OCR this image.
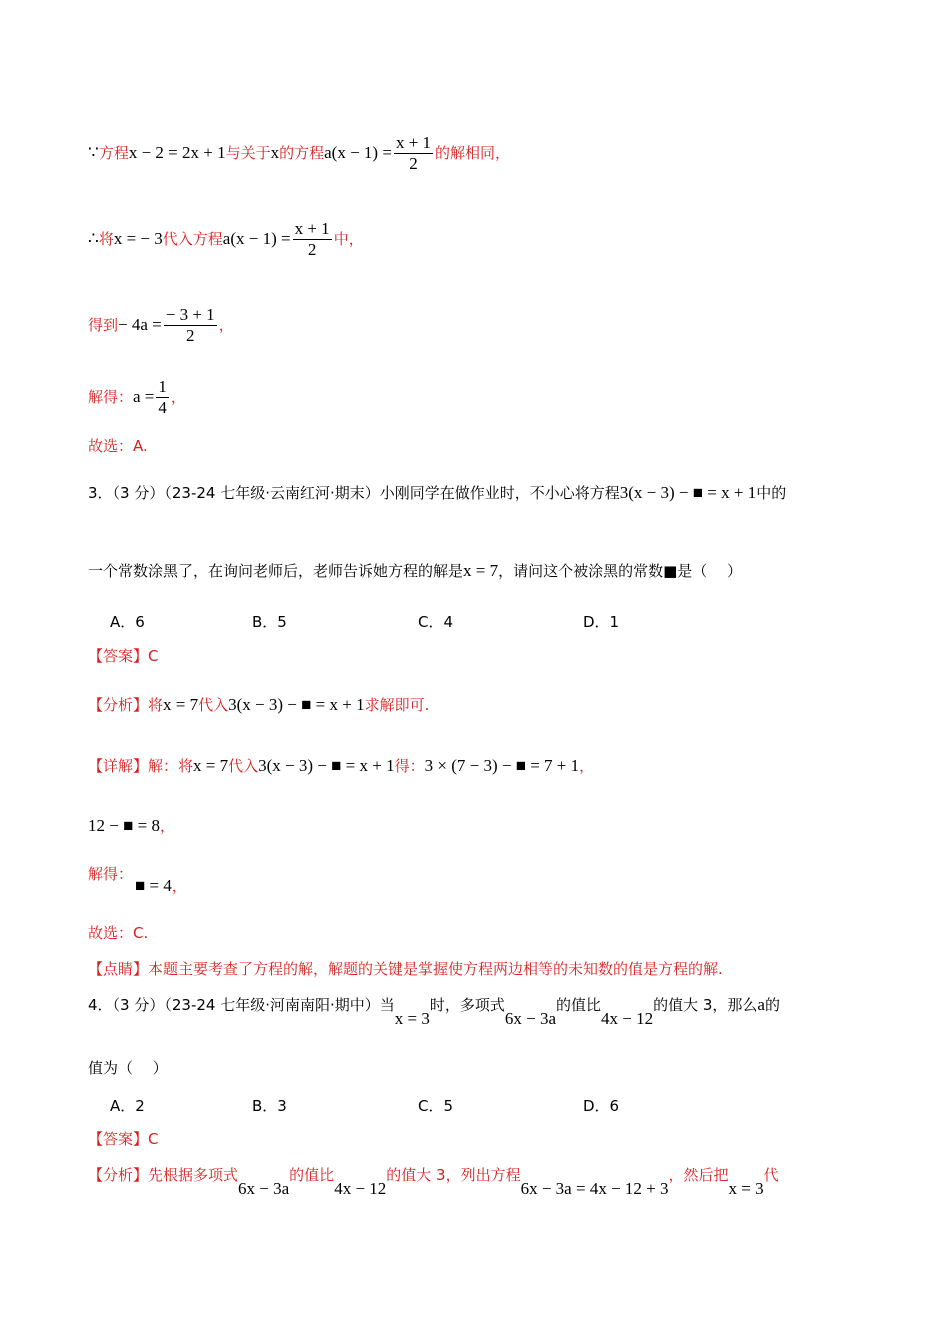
∵方程x − 2 = 2x + 1与关于x的方程$a(x - 1) = \frac{x + 1}{2}$ 的解相同，
∴将x = − 3代入方程$a(x - 1) = \frac{x + 1}{2}$ 中，
得到− $4a = \frac{- 3 + 1}{2}$ ，
解得：$a = \frac{1}{4}$ ，
故选：A.
3．（3 分）（23-24 七年级·云南红河·期末）小刚同学在做作业时，不小心将方程3(x − 3) − ■ = x + 1中的
一个常数涂黑了，在询问老师后，老师告诉她方程的解是x = 7，请问这个被涂黑的常数■是（　 ）
A．6	B．5	C．4	D．1
【答案】C
【分析】将x = 7代入3(x − 3) − ■ = x + 1求解即可.
【详解】解：将x = 7代入3(x − 3) − ■ = x + 1得：3 × (7 − 3) − ■ = 7 + 1，
12 − ■ = 8，
解得：
■ = 4，
故选：C.
【点睛】本题主要考查了方程的解，解题的关键是掌握使方程两边相等的未知数的值是方程的解.
4．（3 分）（23-24 七年级·河南南阳·期中）当x = 3时，多项式6x − 3a的值比4x − 12的值大 3，那么a的
值为（　 ）
A．2	B．3	C．5	D．6
【答案】C
【分析】先根据多项式6x − 3a的值比4x − 12的值大 3，列出方程6x − 3a = 4x − 12 + 3，然后把x = 3代
